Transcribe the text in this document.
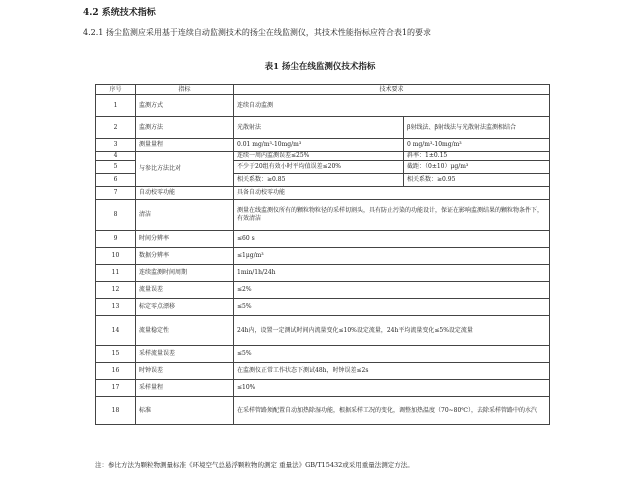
4.2 系统技术指标
4.2.1 扬尘监测应采用基于连续自动监测技术的扬尘在线监测仪，其技术性能指标应符合表1的要求
表1 扬尘在线监测仪技术指标
序号	指标	技术要求	
1	监测方式	连续自动监测	
2	监测方法	光散射法	β射线法、β射线法与光散射法监测相结合
3	测量量程	0.01 mg/m³-10mg/m³	0 mg/m³-10mg/m³
4	与参比方法比对	连续一周内监测误差≤25%	斜率：1±0.15
5		不少于20组有效小时平均值误差≤20%	截距：（0±10）μg/m³
6		相关系数：≥0.85	相关系数：≥0.95
7	自动校零功能	具备自动校零功能	
8	清洁	测量在线监测仪所有的颗粒物粒径的采样切割头，具有防止污染的功能设计，保证在影响监测结果的颗粒物条件下，有效清洁	
9	时间分辨率	≤60 s	
10	数据分辨率	≤1μg/m³	
11	连续监测时间周期	1min/1h/24h	
12	流量误差	≤2%	
13	标定零点漂移	≤5%	
14	流量稳定性	24h内，设置一定测试时间内流量变化≤10%设定流量，24h平均流量变化≤5%设定流量	
15	采样流量误差	≤5%	
16	时钟误差	在监测仪正常工作状态下测试48h，时钟误差≤2s	
17	采样量程	≤10%	
18	标准	在采样管路须配置自动加热除湿功能，根据采样工况的变化，调整加热温度（70~80℃），去除采样管路中的水汽	
注：参比方法为颗粒物测量标准《环境空气总悬浮颗粒物的测定 重量法》GB/T15432或采用重量法测定方法。
